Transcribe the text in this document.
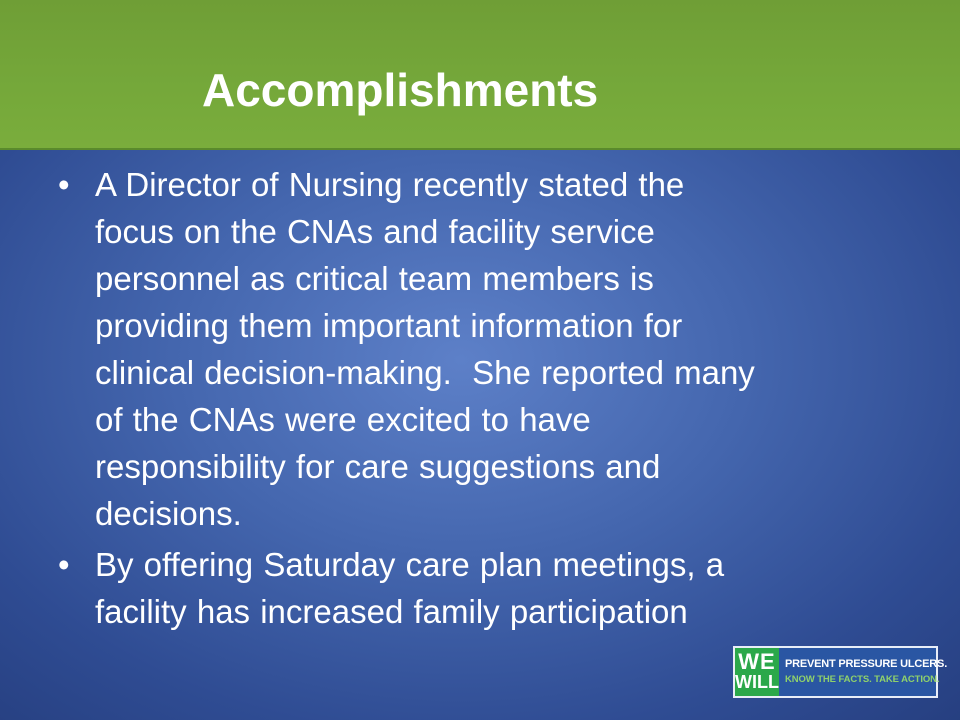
Accomplishments
• A Director of Nursing recently stated the
focus on the CNAs and facility service
personnel as critical team members is
providing them important information for
clinical decision-making.  She reported many
of the CNAs were excited to have
responsibility for care suggestions and
decisions.
• By offering Saturday care plan meetings, a
facility has increased family participation
WE
WILL
PREVENT PRESSURE ULCERS.
KNOW THE FACTS. TAKE ACTION.
